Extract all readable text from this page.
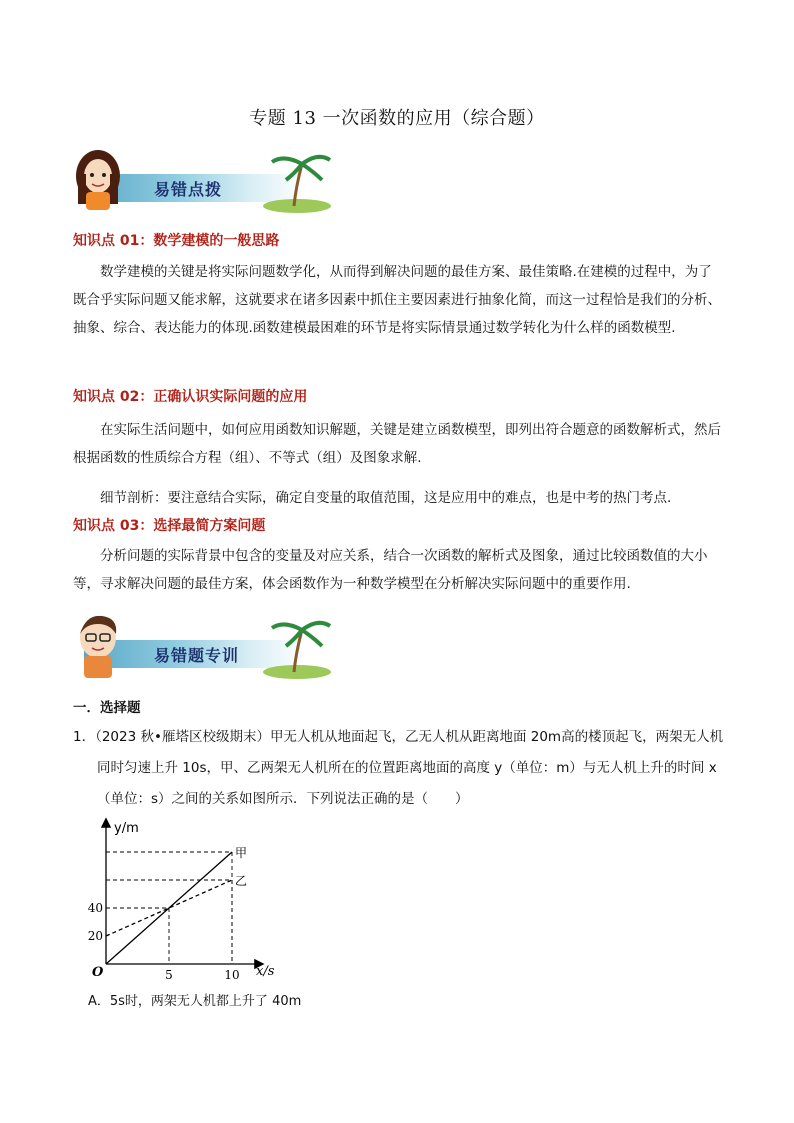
专题 13 一次函数的应用（综合题）
易错点拨
知识点 01：数学建模的一般思路
数学建模的关键是将实际问题数学化，从而得到解决问题的最佳方案、最佳策略.在建模的过程中，为了既合乎实际问题又能求解，这就要求在诸多因素中抓住主要因素进行抽象化简，而这一过程恰是我们的分析、抽象、综合、表达能力的体现.函数建模最困难的环节是将实际情景通过数学转化为什么样的函数模型.
知识点 02：正确认识实际问题的应用
在实际生活问题中，如何应用函数知识解题，关键是建立函数模型，即列出符合题意的函数解析式，然后根据函数的性质综合方程（组）、不等式（组）及图象求解.
细节剖析：要注意结合实际，确定自变量的取值范围，这是应用中的难点，也是中考的热门考点.
知识点 03：选择最简方案问题
分析问题的实际背景中包含的变量及对应关系，结合一次函数的解析式及图象，通过比较函数值的大小等，寻求解决问题的最佳方案，体会函数作为一种数学模型在分析解决实际问题中的重要作用.
易错题专训
一．选择题
1．（2023 秋•雁塔区校级期末）甲无人机从地面起飞，乙无人机从距离地面 20m高的楼顶起飞，两架无人机
同时匀速上升 10s，甲、乙两架无人机所在的位置距离地面的高度 y（单位：m）与无人机上升的时间 x
（单位：s）之间的关系如图所示．下列说法正确的是（　　）
甲
乙
5	10
20
40
y/m
x/s
O
A．5s时，两架无人机都上升了 40m
